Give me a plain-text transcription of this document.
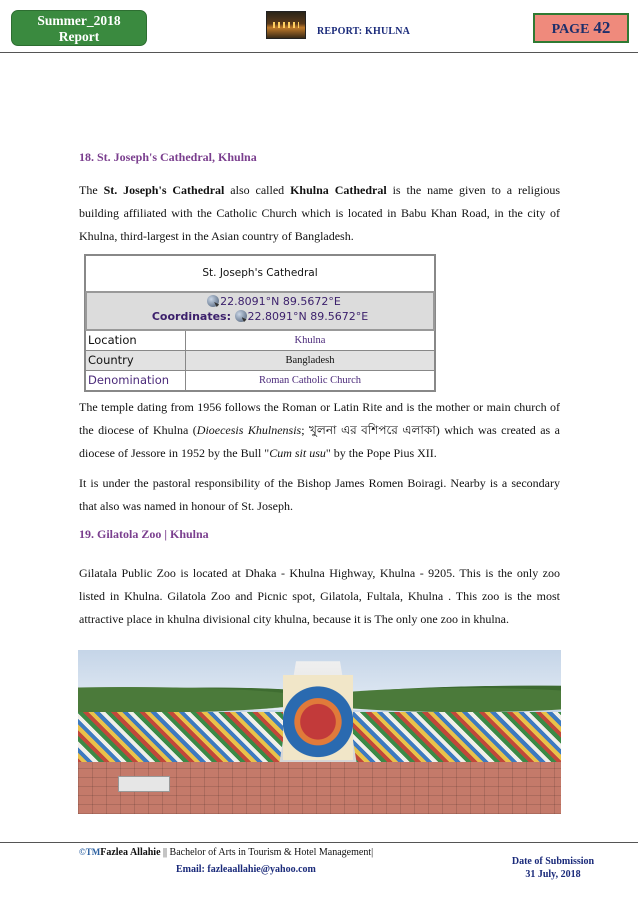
Summer_2018
Report	REPORT: KHULNA	PAGE 42

18. St. Joseph's Cathedral, Khulna

The St. Joseph's Cathedral also called Khulna Cathedral is the name given to a religious building affiliated with the Catholic Church which is located in Babu Khan Road, in the city of Khulna, third-largest in the Asian country of Bangladesh.

St. Joseph's Cathedral
22.8091°N 89.5672°E
Coordinates: 22.8091°N 89.5672°E
Location	Khulna
Country	Bangladesh
Denomination	Roman Catholic Church

The temple dating from 1956 follows the Roman or Latin Rite and is the mother or main church of the diocese of Khulna (Dioecesis Khulnensis; খুলনা এর বশিপরে এলাকা) which was created as a diocese of Jessore in 1952 by the Bull "Cum sit usu" by the Pope Pius XII.

It is under the pastoral responsibility of the Bishop James Romen Boiragi. Nearby is a secondary that also was named in honour of St. Joseph.

19. Gilatola Zoo | Khulna

Gilatala Public Zoo is located at Dhaka - Khulna Highway, Khulna - 9205. This is the only zoo listed in Khulna. Gilatola Zoo and Picnic spot, Gilatola, Fultala, Khulna . This zoo is the most attractive place in khulna divisional city khulna, because it is The only one zoo in khulna.

©TMFazlea Allahie || Bachelor of Arts in Tourism & Hotel Management|
Email: fazleaallahie@yahoo.com
Date of Submission
31 July, 2018
